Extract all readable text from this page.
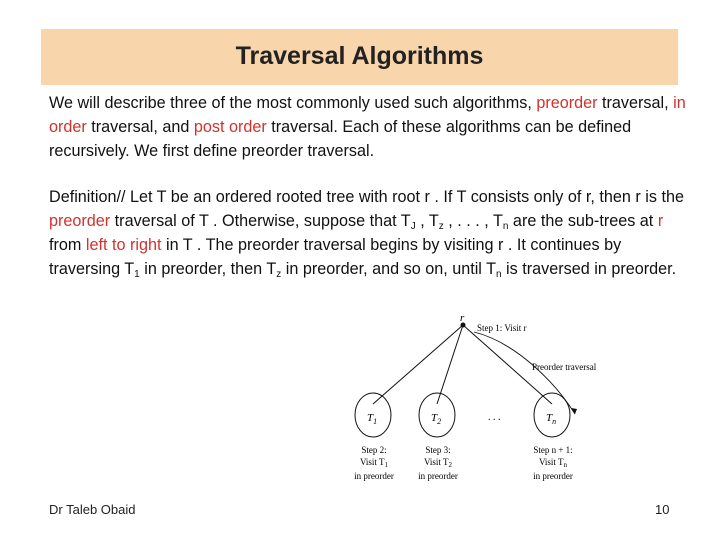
Traversal Algorithms

We will describe three of the most commonly used such algorithms, preorder traversal, in order traversal, and post order traversal. Each of these algorithms can be defined recursively. We first define preorder traversal.

Definition// Let T be an ordered rooted tree with root r . If T consists only of r, then r is the preorder traversal of T . Otherwise, suppose that $T_J$ , $T_z$ , . . . , $T_n$ are the sub-trees at r from left to right in T . The preorder traversal begins by visiting r . It continues by traversing $T_1$ in preorder, then $T_z$ in preorder, and so on, until $T_n$ is traversed in preorder.

r
Step 1: Visit r
Preorder traversal
. . .
$T_1$	$T_2$	$T_n$
Step 2:
Visit $T_1$
in preorder
Step 3:
Visit $T_2$
in preorder
Step n + 1:
Visit $T_n$
in preorder
Dr Taleb Obaid	10
